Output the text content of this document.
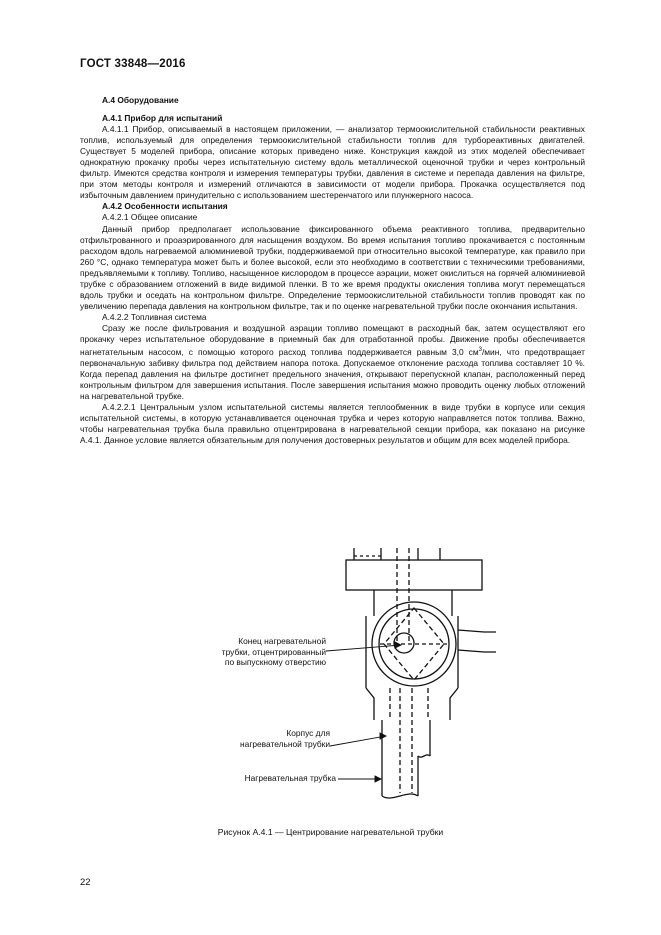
ГОСТ 33848—2016

А.4 Оборудование

А.4.1 Прибор для испытаний

А.4.1.1 Прибор, описываемый в настоящем приложении, — анализатор термоокислительной стабильности реактивных топлив, используемый для определения термоокислительной стабильности топлив для турбореактивных двигателей. Существует 5 моделей прибора, описание которых приведено ниже. Конструкция каждой из этих моделей обеспечивает однократную прокачку пробы через испытательную систему вдоль металлической оценочной трубки и через контрольный фильтр. Имеются средства контроля и измерения температуры трубки, давления в системе и перепада давления на фильтре, при этом методы контроля и измерений отличаются в зависимости от модели прибора. Прокачка осуществляется под избыточным давлением принудительно с использованием шестеренчатого или плунжерного насоса.

А.4.2 Особенности испытания

А.4.2.1 Общее описание

Данный прибор предполагает использование фиксированного объема реактивного топлива, предварительно отфильтрованного и проаэрированного для насыщения воздухом. Во время испытания топливо прокачивается с постоянным расходом вдоль нагреваемой алюминиевой трубки, поддерживаемой при относительно высокой температуре, как правило при 260 °С, однако температура может быть и более высокой, если это необходимо в соответствии с техническими требованиями, предъявляемыми к топливу. Топливо, насыщенное кислородом в процессе аэрации, может окислиться на горячей алюминиевой трубке с образованием отложений в виде видимой пленки. В то же время продукты окисления топлива могут перемещаться вдоль трубки и оседать на контрольном фильтре. Определение термоокислительной стабильности топлив проводят как по увеличению перепада давления на контрольном фильтре, так и по оценке нагревательной трубки после окончания испытания.

А.4.2.2 Топливная система

Сразу же после фильтрования и воздушной аэрации топливо помещают в расходный бак, затем осуществляют его прокачку через испытательное оборудование в приемный бак для отработанной пробы. Движение пробы обеспечивается нагнетательным насосом, с помощью которого расход топлива поддерживается равным 3,0 $см^3$/мин, что предотвращает первоначальную забивку фильтра под действием напора потока. Допускаемое отклонение расхода топлива составляет 10 %. Когда перепад давления на фильтре достигнет предельного значения, открывают перепускной клапан, расположенный перед контрольным фильтром для завершения испытания. После завершения испытания можно проводить оценку любых отложений на нагревательной трубке.

А.4.2.2.1 Центральным узлом испытательной системы является теплообменник в виде трубки в корпусе или секция испытательной системы, в которую устанавливается оценочная трубка и через которую направляется поток топлива. Важно, чтобы нагревательная трубка была правильно отцентрирована в нагревательной секции прибора, как показано на рисунке А.4.1. Данное условие является обязательным для получения достоверных результатов и общим для всех моделей прибора.

Конец нагревательной
трубки, отцентрированный
по выпускному отверстию
Корпус для
нагревательной трубки
Нагревательная трубка
Рисунок А.4.1 — Центрирование нагревательной трубки
22
